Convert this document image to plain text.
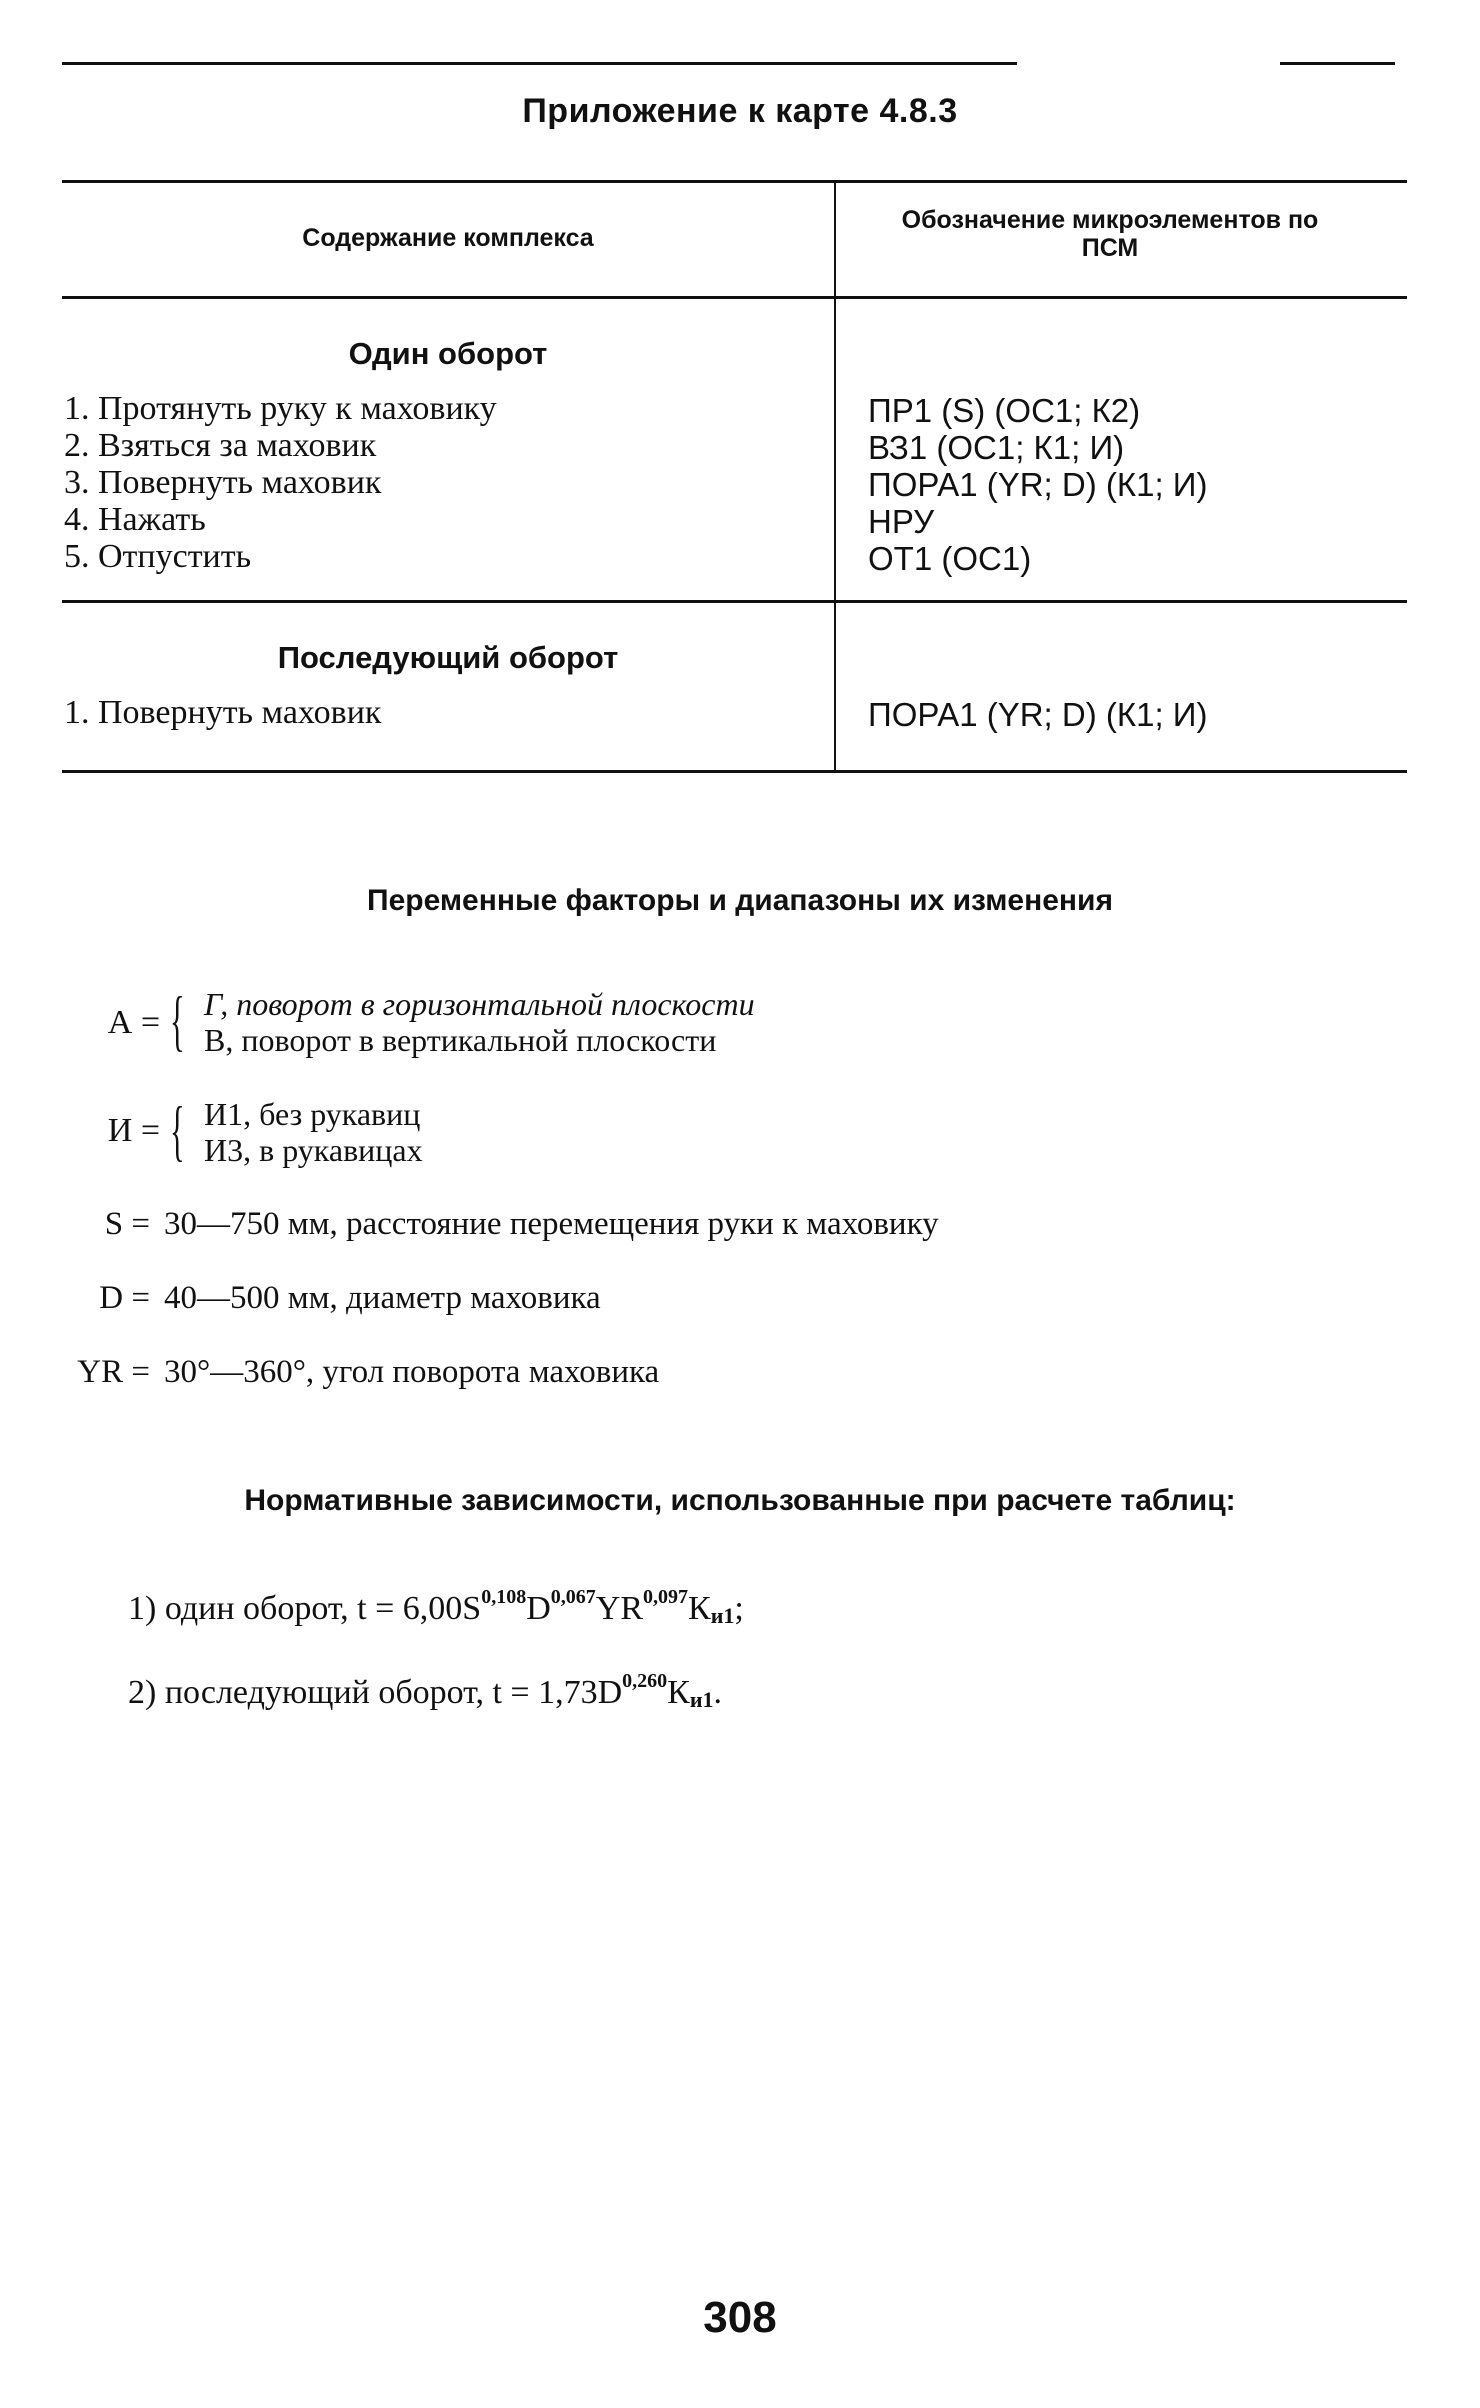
Приложение к карте 4.8.3
Содержание комплекса
Обозначение микроэлементов по ПСМ
Один оборот
1. Протянуть руку к маховику
2. Взяться за маховик
3. Повернуть маховик
4. Нажать
5. Отпустить
ПР1 (S) (ОС1; К2)
ВЗ1 (ОС1; К1; И)
ПОРА1 (YR; D) (К1; И)
НРУ
ОТ1 (ОС1)
Последующий оборот
1. Повернуть маховик	ПОРА1 (YR; D) (К1; И)
Переменные факторы и диапазоны их изменения
А = { Г, поворот в горизонтальной плоскости
В, поворот в вертикальной плоскости
И = { И1, без рукавиц
И3, в рукавицах
S = 30—750 мм, расстояние перемещения руки к маховику
D = 40—500 мм, диаметр маховика
YR = 30°—360°, угол поворота маховика
Нормативные зависимости, использованные при расчете таблиц:
1) один оборот, $t = 6,00S^{0,108}D^{0,067}YR^{0,097}К_{и1}$;
2) последующий оборот, $t = 1,73D^{0,260}К_{и1}$.
308
